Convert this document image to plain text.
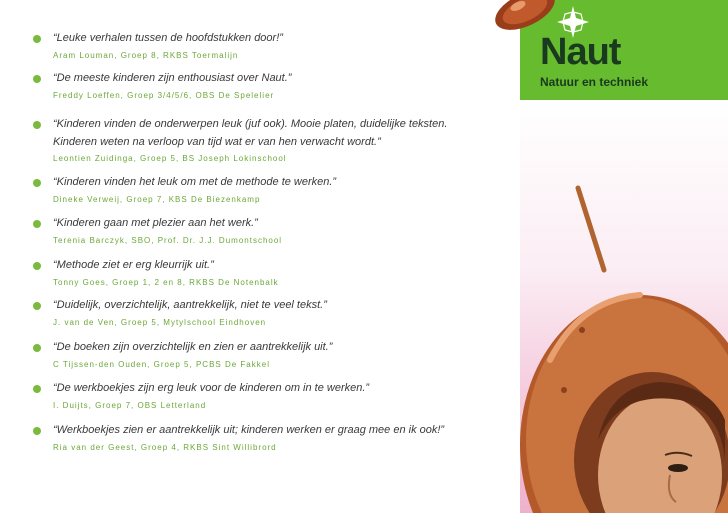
“Leuke verhalen tussen de hoofdstukken door!”
Aram Louman, Groep 8, RKBS Toermalijn
“De meeste kinderen zijn enthousiast over Naut.”
Freddy Loeffen, Groep 3/4/5/6, OBS De Spelelier
“Kinderen vinden de onderwerpen leuk (juf ook). Mooie platen, duidelijke teksten.
Kinderen weten na verloop van tijd wat er van hen verwacht wordt.”
Leontien Zuidinga, Groep 5, BS Joseph Lokinschool
“Kinderen vinden het leuk om met de methode te werken.”
Dineke Verweij, Groep 7, KBS De Biezenkamp
“Kinderen gaan met plezier aan het werk.”
Terenia Barczyk, SBO, Prof. Dr. J.J. Dumontschool
“Methode ziet er erg kleurrijk uit.”
Tonny Goes, Groep 1, 2 en 8, RKBS De Notenbalk
“Duidelijk, overzichtelijk, aantrekkelijk, niet te veel tekst.”
J. van de Ven, Groep 5, Mytylschool Eindhoven
“De boeken zijn overzichtelijk en zien er aantrekkelijk uit.”
C Tijssen-den Ouden, Groep 5, PCBS De Fakkel
“De werkboekjes zijn erg leuk voor de kinderen om in te werken.”
I. Duijts, Groep 7, OBS Letterland
“Werkboekjes zien er aantrekkelijk uit; kinderen werken er graag mee en ik ook!”
Ria van der Geest, Groep 4, RKBS Sint Willibrord
Naut
Natuur en techniek
